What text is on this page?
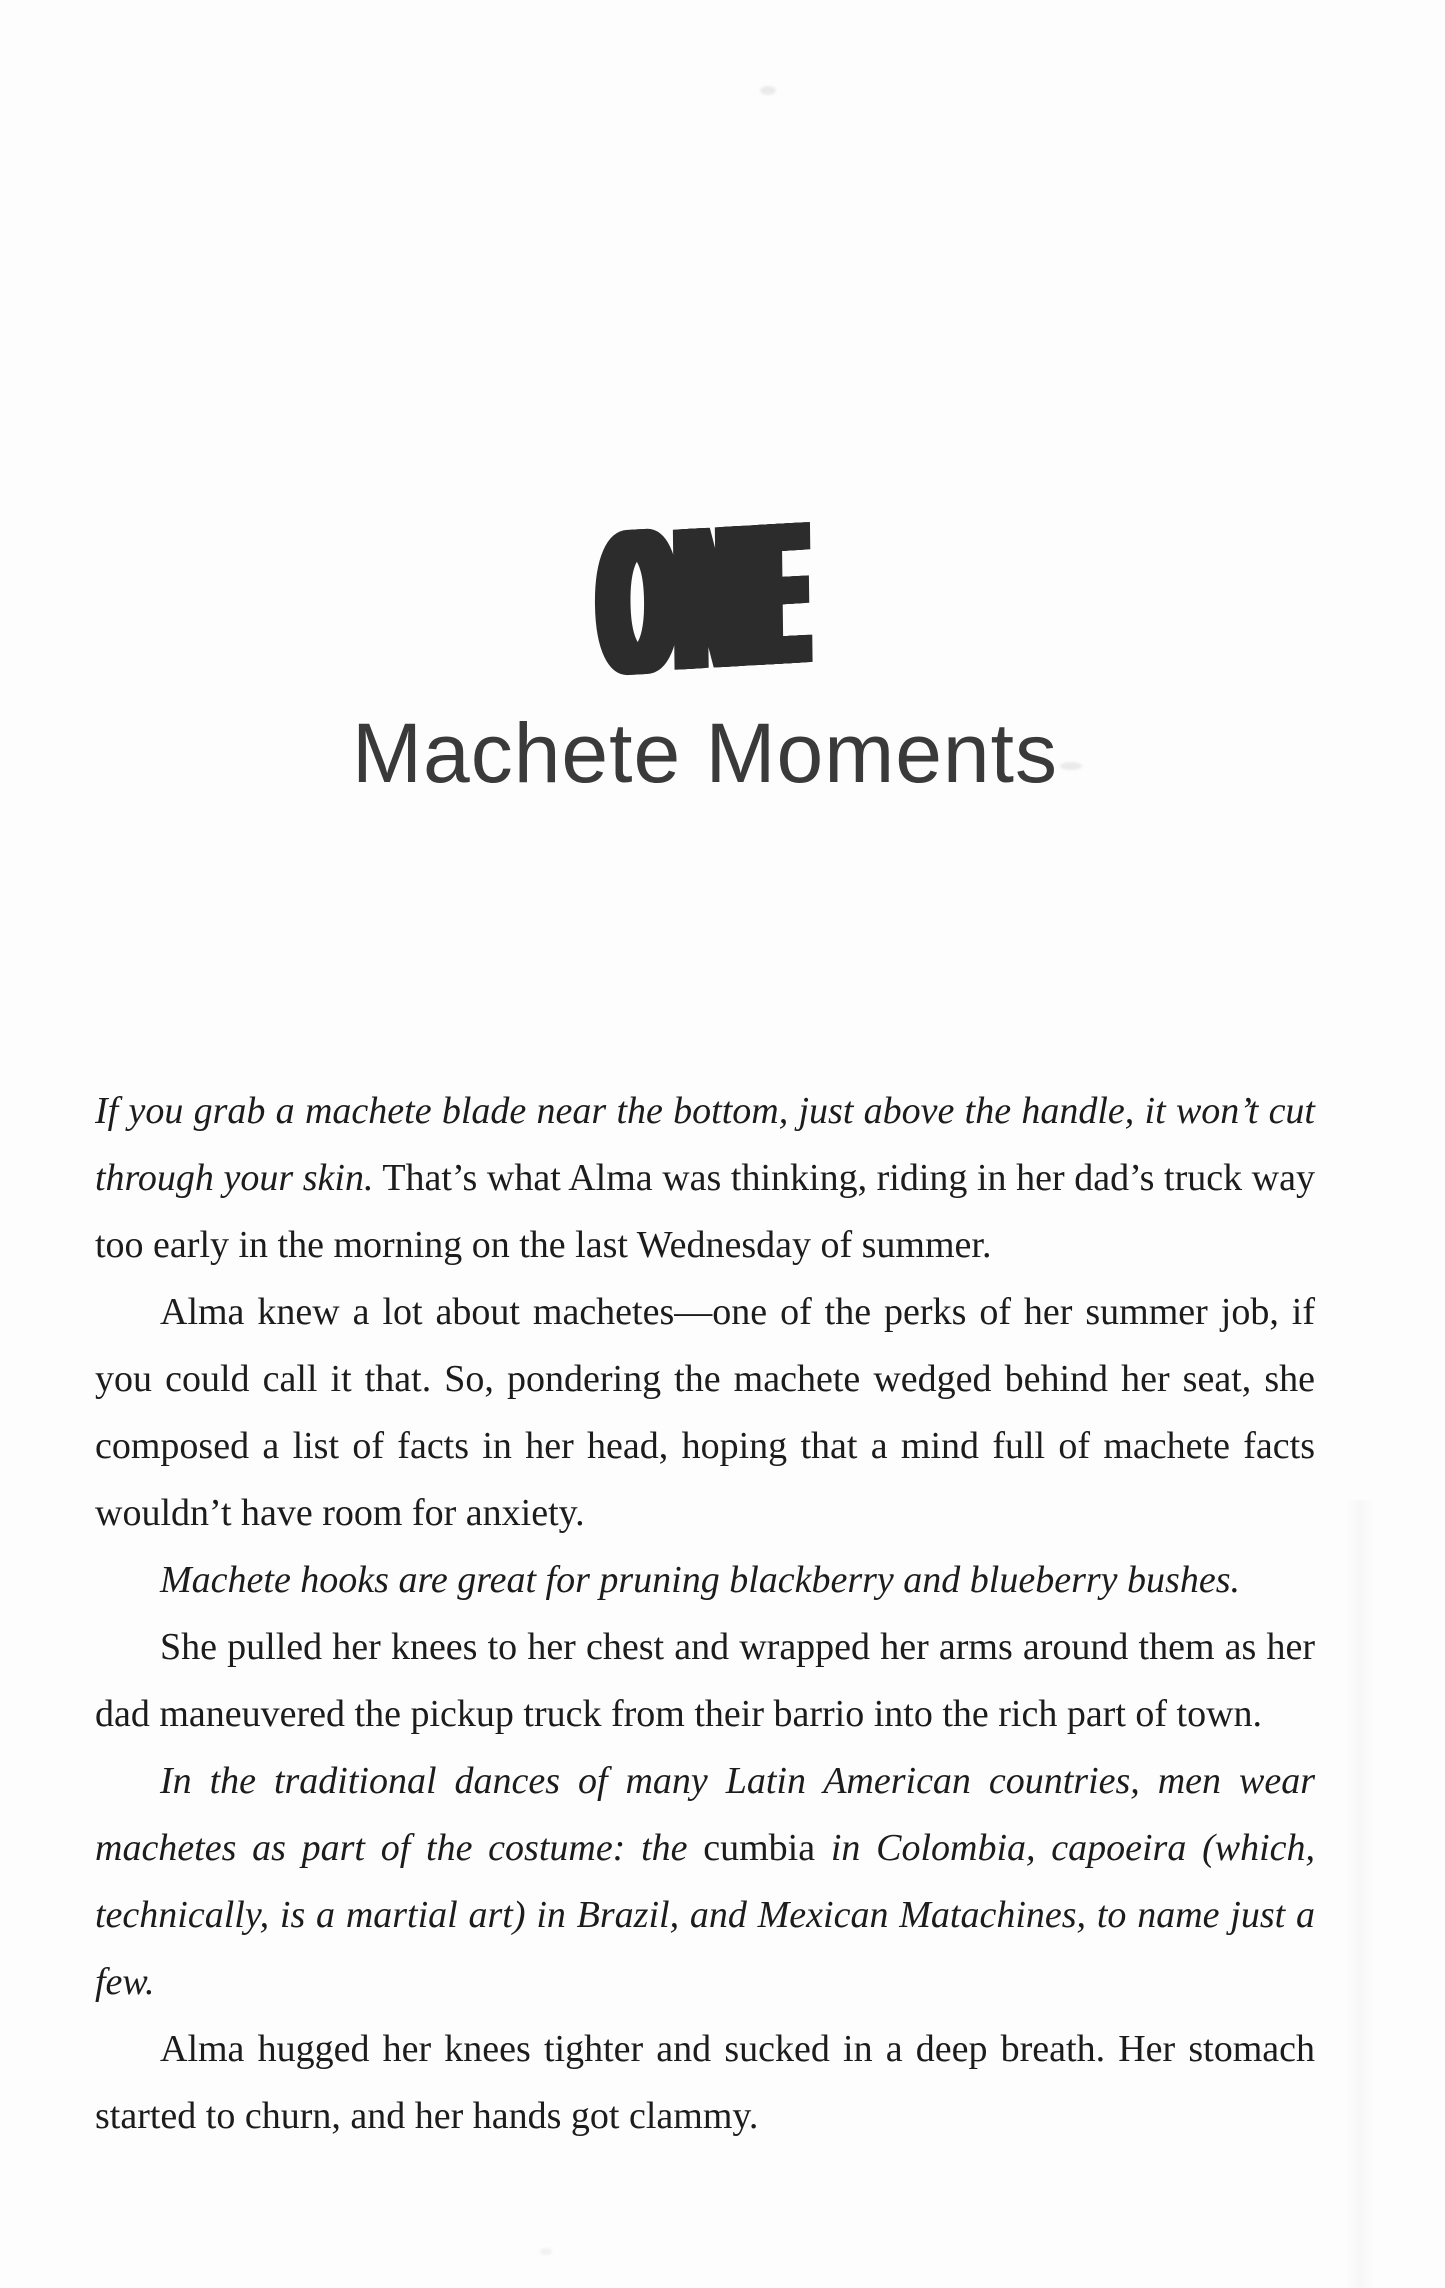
ONE
Machete Moments

If you grab a machete blade near the bottom, just above the handle, it won’t cut through your skin. That’s what Alma was thinking, riding in her dad’s truck way too early in the morning on the last Wednesday of summer.

Alma knew a lot about machetes—one of the perks of her summer job, if you could call it that. So, pondering the machete wedged behind her seat, she composed a list of facts in her head, hoping that a mind full of machete facts wouldn’t have room for anxiety.

Machete hooks are great for pruning blackberry and blueberry bushes.

She pulled her knees to her chest and wrapped her arms around them as her dad maneuvered the pickup truck from their barrio into the rich part of town.

In the traditional dances of many Latin American countries, men wear machetes as part of the costume: the cumbia in Colombia, capoeira (which, technically, is a martial art) in Brazil, and Mexican Matachines, to name just a few.

Alma hugged her knees tighter and sucked in a deep breath. Her stomach started to churn, and her hands got clammy.
